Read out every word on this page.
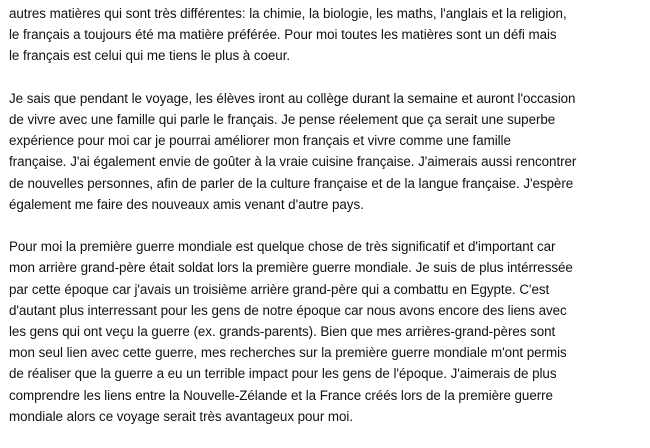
autres matières qui sont très différentes: la chimie, la biologie, les maths, l'anglais et la religion,
le français a toujours été ma matière préférée. Pour moi toutes les matières sont un défi mais
le français est celui qui me tiens le plus à coeur.

Je sais que pendant le voyage, les élèves iront au collège durant la semaine et auront l'occasion
de vivre avec une famille qui parle le français. Je pense réelement que ça serait une superbe
expérience pour moi car je pourrai améliorer mon français et vivre comme une famille
française. J'ai également envie de goûter à la vraie cuisine française. J'aimerais aussi rencontrer
de nouvelles personnes, afin de parler de la culture française et de la langue française. J'espère
également me faire des nouveaux amis venant d'autre pays.

Pour moi la première guerre mondiale est quelque chose de très significatif et d'important car
mon arrière grand-père était soldat lors la première guerre mondiale. Je suis de plus intérressée
par cette époque car j'avais un troisième arrière grand-père qui a combattu en Egypte. C'est
d'autant plus interressant pour les gens de notre époque car nous avons encore des liens avec
les gens qui ont veçu la guerre (ex. grands-parents). Bien que mes arrières-grand-pères sont
mon seul lien avec cette guerre, mes recherches sur la première guerre mondiale m'ont permis
de réaliser que la guerre a eu un terrible impact pour les gens de l'époque. J'aimerais de plus
comprendre les liens entre la Nouvelle-Zélande et la France créés lors de la première guerre
mondiale alors ce voyage serait très avantageux pour moi.
